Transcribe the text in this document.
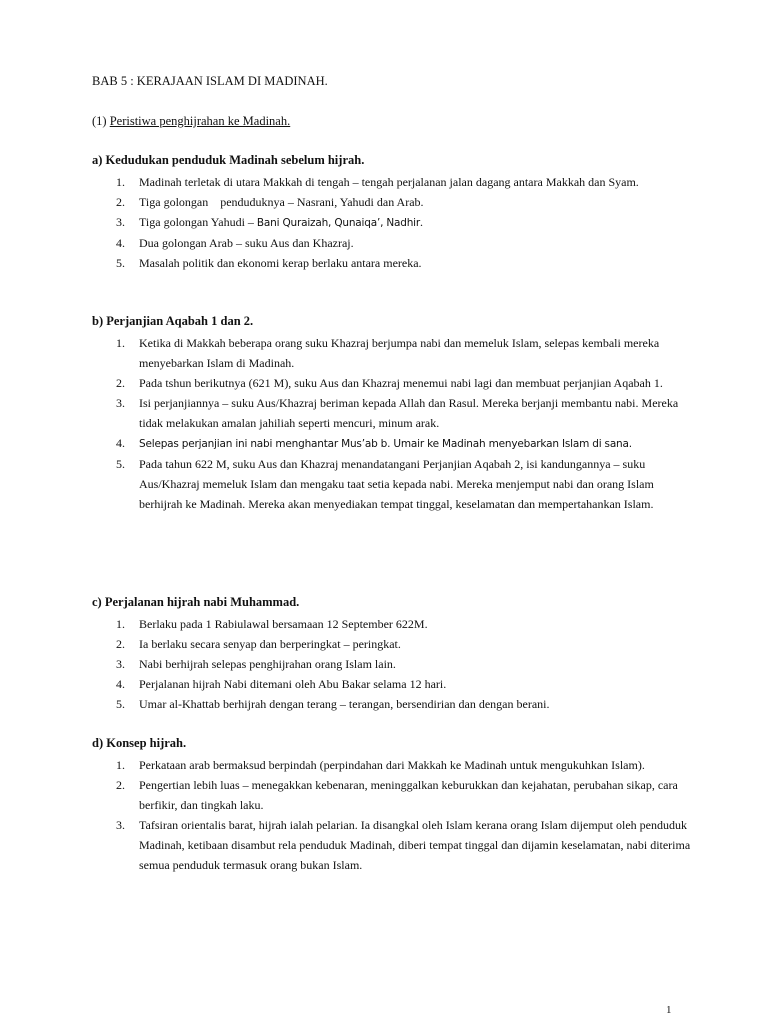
BAB 5 : KERAJAAN ISLAM DI MADINAH.
(1) Peristiwa penghijrahan ke Madinah.
a) Kedudukan penduduk Madinah sebelum hijrah.
1. Madinah terletak di utara Makkah di tengah – tengah perjalanan jalan dagang antara Makkah dan Syam.
2. Tiga golongan    penduduknya – Nasrani, Yahudi dan Arab.
3. Tiga golongan Yahudi – Bani Quraizah, Qunaiqa’, Nadhir.
4. Dua golongan Arab – suku Aus dan Khazraj.
5. Masalah politik dan ekonomi kerap berlaku antara mereka.
b) Perjanjian Aqabah 1 dan 2.
1. Ketika di Makkah beberapa orang suku Khazraj berjumpa nabi dan memeluk Islam, selepas kembali mereka menyebarkan Islam di Madinah.
2. Pada tshun berikutnya (621 M), suku Aus dan Khazraj menemui nabi lagi dan membuat perjanjian Aqabah 1.
3. Isi perjanjiannya – suku Aus/Khazraj beriman kepada Allah dan Rasul. Mereka berjanji membantu nabi. Mereka tidak melakukan amalan jahiliah seperti mencuri, minum arak.
4. Selepas perjanjian ini nabi menghantar Mus’ab b. Umair ke Madinah menyebarkan Islam di sana.
5. Pada tahun 622 M, suku Aus dan Khazraj menandatangani Perjanjian Aqabah 2, isi kandungannya – suku Aus/Khazraj memeluk Islam dan mengaku taat setia kepada nabi. Mereka menjemput nabi dan orang Islam berhijrah ke Madinah. Mereka akan menyediakan tempat tinggal, keselamatan dan mempertahankan Islam.
c) Perjalanan hijrah nabi Muhammad.
1. Berlaku pada 1 Rabiulawal bersamaan 12 September 622M.
2. Ia berlaku secara senyap dan berperingkat – peringkat.
3. Nabi berhijrah selepas penghijrahan orang Islam lain.
4. Perjalanan hijrah Nabi ditemani oleh Abu Bakar selama 12 hari.
5. Umar al-Khattab berhijrah dengan terang – terangan, bersendirian dan dengan berani.
d) Konsep hijrah.
1. Perkataan arab bermaksud berpindah (perpindahan dari Makkah ke Madinah untuk mengukuhkan Islam).
2. Pengertian lebih luas – menegakkan kebenaran, meninggalkan keburukkan dan kejahatan, perubahan sikap, cara berfikir, dan tingkah laku.
3. Tafsiran orientalis barat, hijrah ialah pelarian. Ia disangkal oleh Islam kerana orang Islam dijemput oleh penduduk Madinah, ketibaan disambut rela penduduk Madinah, diberi tempat tinggal dan dijamin keselamatan, nabi diterima semua penduduk termasuk orang bukan Islam.
1
